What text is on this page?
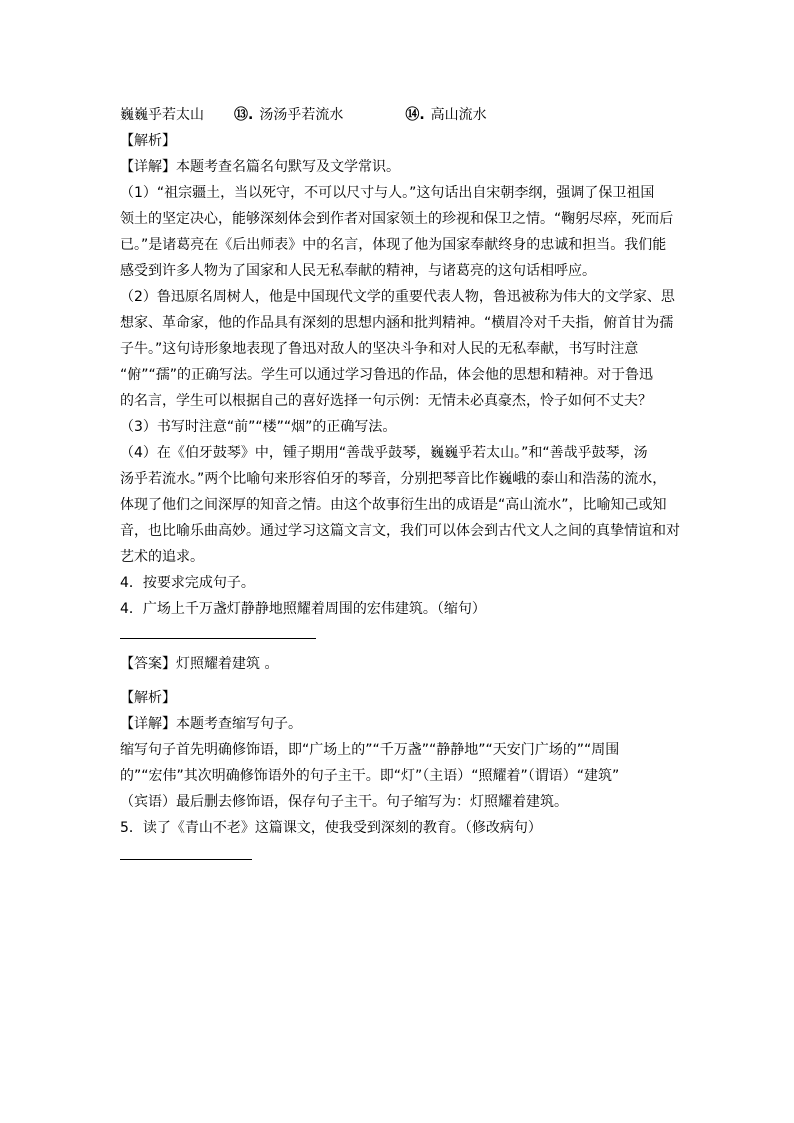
巍巍乎若太山	⑬. 汤汤乎若流水	⑭. 高山流水
【解析】
【详解】本题考查名篇名句默写及文学常识。
（1）“祖宗疆土，当以死守，不可以尺寸与人。”这句话出自宋朝李纲，强调了保卫祖国
领土的坚定决心，能够深刻体会到作者对国家领土的珍视和保卫之情。“鞠躬尽瘁，死而后
已。”是诸葛亮在《后出师表》中的名言，体现了他为国家奉献终身的忠诚和担当。我们能
感受到许多人物为了国家和人民无私奉献的精神，与诸葛亮的这句话相呼应。
（2）鲁迅原名周树人，他是中国现代文学的重要代表人物，鲁迅被称为伟大的文学家、思
想家、革命家，他的作品具有深刻的思想内涵和批判精神。“横眉冷对千夫指，俯首甘为孺
子牛。”这句诗形象地表现了鲁迅对敌人的坚决斗争和对人民的无私奉献，书写时注意
“俯”“孺”的正确写法。学生可以通过学习鲁迅的作品，体会他的思想和精神。对于鲁迅
的名言，学生可以根据自己的喜好选择一句示例：无情未必真豪杰，怜子如何不丈夫？
（3）书写时注意“前”“楼”“烟”的正确写法。
（4）在《伯牙鼓琴》中，锺子期用“善哉乎鼓琴，巍巍乎若太山。”和“善哉乎鼓琴，汤
汤乎若流水。”两个比喻句来形容伯牙的琴音，分别把琴音比作巍峨的泰山和浩荡的流水，
体现了他们之间深厚的知音之情。由这个故事衍生出的成语是“高山流水”，比喻知己或知
音，也比喻乐曲高妙。通过学习这篇文言文，我们可以体会到古代文人之间的真挚情谊和对
艺术的追求。
4．按要求完成句子。
4．广场上千万盏灯静静地照耀着周围的宏伟建筑。（缩句）
【答案】灯照耀着建筑 。
【解析】
【详解】本题考查缩写句子。
缩写句子首先明确修饰语，即“广场上的”“千万盏”“静静地”“天安门广场的”“周围
的”“宏伟”其次明确修饰语外的句子主干。即“灯”（主语）“照耀着”（谓语）“建筑”
（宾语）最后删去修饰语，保存句子主干。句子缩写为：灯照耀着建筑。
5．读了《青山不老》这篇课文，使我受到深刻的教育。（修改病句）
